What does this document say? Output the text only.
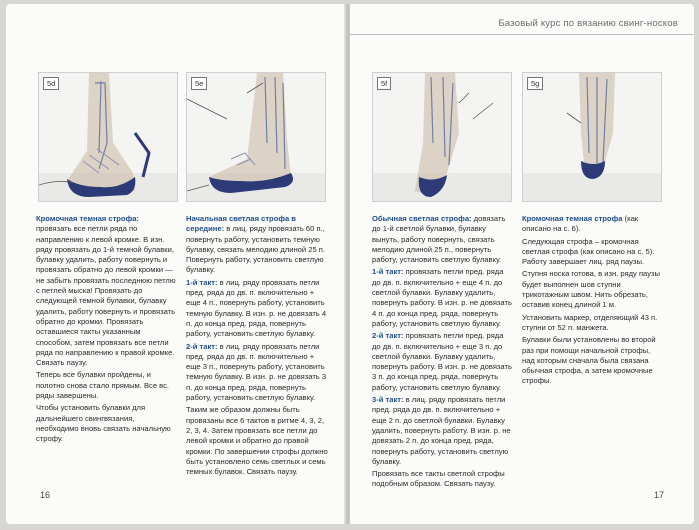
5d	5e

Кромочная темная строфа: провязать все петли ряда по направлению к левой кромке. В изн. ряду провязать до 1-й темной булавки, булавку удалить, работу повернуть и провязать обратно до левой кромки — не забыть провязать последнюю петлю с петлей мыска! Провязать до следующей темной булавки, булавку удалить, работу повернуть и провязать обратно до кромки. Провязать оставшиеся такты указанным способом, затем провязать все петли ряда по направлению к правой кромке. Связать паузу.

Теперь все булавки пройдены, и полотно снова стало прямым. Все вс. ряды завершены.

Чтобы установить булавки для дальнейшего свингвязания, необходимо вновь связать начальную строфу.

Начальная светлая строфа в середине: в лиц. ряду провязать 60 п., повернуть работу, установить темную булавку, связать мелодию длиной 25 п. Повернуть работу, установить светлую булавку.

1-й такт: в лиц. ряду провязать петли пред. ряда до дв. п. включительно + еще 4 п., повернуть работу, установить темную булавку. В изн. р. не довязать 4 п. до конца пред. ряда, повернуть работу, установить светлую булавку.

2-й такт: в лиц. ряду провязать петли пред. ряда до дв. п. включительно + еще 3 п., повернуть работу, установить темную булавку. В изн. р. не довязать 3 п. до конца пред. ряда, повернуть работу, установить светлую булавку.

Таким же образом должны быть провязаны все 6 тактов в ритме 4, 3, 2, 2, 3, 4. Затем провязать все петли до левой кромки и обратно до правой кромки. По завершении строфы должно быть установлено семь светлых и семь темных булавок. Связать паузу.

16
Базовый курс по вязанию свинг-носков
5f	5g

Обычная светлая строфа: довязать до 1-й светлой булавки, булавку вынуть, работу повернуть, связать мелодию длиной 25 п., повернуть работу, установить светлую булавку.

1-й такт: провязать петли пред. ряда до дв. п. включительно + еще 4 п. до светлой булавки. Булавку удалить, повернуть работу. В изн. р. не довязать 4 п. до конца пред. ряда, повернуть работу, установить светлую булавку.

2-й такт: провязать петли пред. ряда до дв. п. включительно + еще 3 п. до светлой булавки. Булавку удалить, повернуть работу. В изн. р. не довязать 3 п. до конца пред. ряда, повернуть работу, установить светлую булавку.

3-й такт: в лиц. ряду провязать петли пред. ряда до дв. п. включительно + еще 2 п. до светлой булавки. Булавку удалить, повернуть работу. В изн. р. не довязать 2 п. до конца пред. ряда, повернуть работу, установить светлую булавку.

Провязать все такты светлой строфы подобным образом. Связать паузу.

Кромочная темная строфа (как описано на с. 6).

Следующая строфа – кромочная светлая строфа (как описано на с. 5). Работу завершает лиц. ряд паузы.

Ступня носка готова, в изн. ряду паузы будет выполнен шов ступни трикотажным швом. Нить обрезать, оставив конец длиной 1 м.

Установить маркер, отделяющий 43 п. ступни от 52 п. манжета.

Булавки были установлены во второй раз при помощи начальной строфы, над которым сначала была связана обычная строфа, а затем кромочные строфы.

17
